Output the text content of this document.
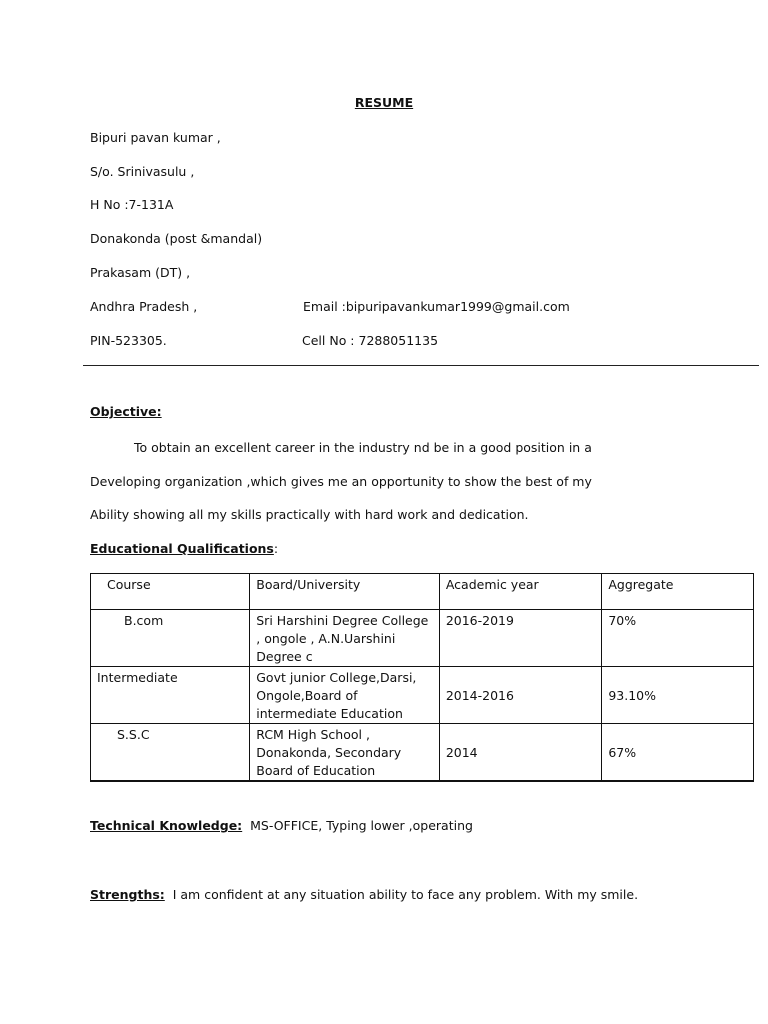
RESUME
Bipuri pavan kumar ,
S/o. Srinivasulu ,
H No :7-131A
Donakonda (post &mandal)
Prakasam (DT) ,
Andhra Pradesh ,
PIN-523305.
Email :bipuripavankumar1999@gmail.com
Cell No : 7288051135
Objective:
To obtain an excellent career in the industry nd be in a good position in a
Developing organization ,which gives me an opportunity to show the best of my
Ability showing all my skills practically with hard work and dedication.
Educational Qualifications:
Course	Board/University	Academic year	Aggregate
B.com	Sri Harshini Degree College , ongole , A.N.Uarshini Degree c	2016-2019	70%
Intermediate	Govt junior College,Darsi, Ongole,Board of intermediate Education	2014-2016	93.10%
S.S.C	RCM High School , Donakonda, Secondary Board of Education	2014	67%
Technical Knowledge: MS-OFFICE, Typing lower ,operating
Strengths: I am confident at any situation ability to face any problem. With my smile.
